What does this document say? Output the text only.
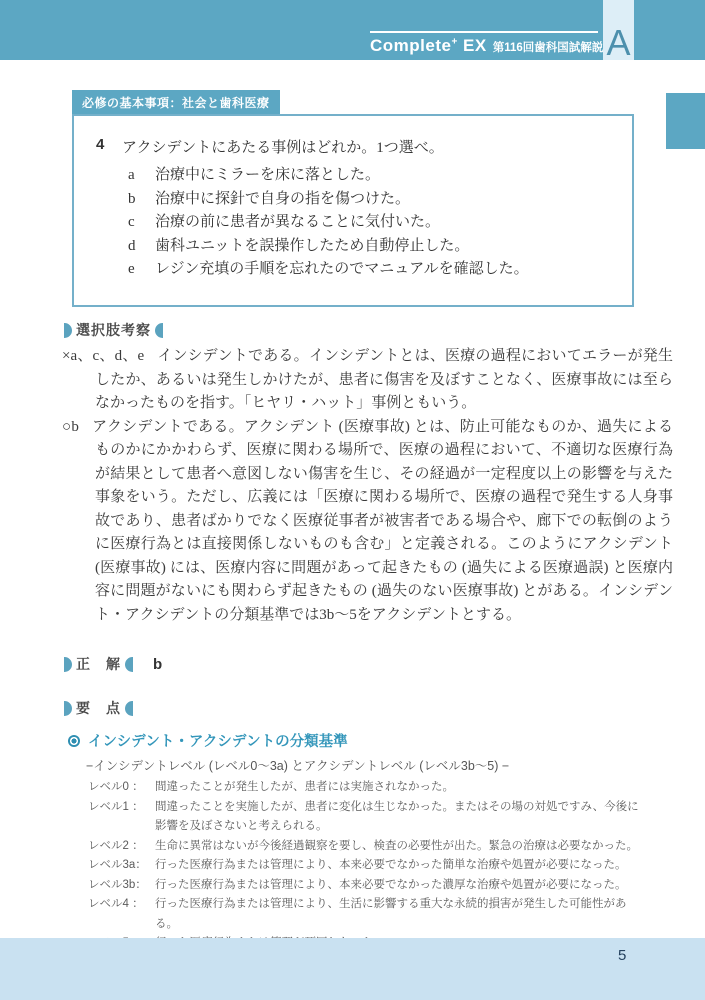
Complete+ EX 第116回歯科国試解説 A
必修の基本事項：社会と歯科医療
4	アクシデントにあたる事例はどれか。1つ選べ。
a	治療中にミラーを床に落とした。
b	治療中に探針で自身の指を傷つけた。
c	治療の前に患者が異なることに気付いた。
d	歯科ユニットを誤操作したため自動停止した。
e	レジン充填の手順を忘れたのでマニュアルを確認した。
選択肢考察

×a、c、d、e インシデントである。インシデントとは、医療の過程においてエラーが発生したか、あるいは発生しかけたが、患者に傷害を及ぼすことなく、医療事故には至らなかったものを指す。「ヒヤリ・ハット」事例ともいう。

○b アクシデントである。アクシデント (医療事故) とは、防止可能なものか、過失によるものかにかかわらず、医療に関わる場所で、医療の過程において、不適切な医療行為が結果として患者へ意図しない傷害を生じ、その経過が一定程度以上の影響を与えた事象をいう。ただし、広義には「医療に関わる場所で、医療の過程で発生する人身事故であり、患者ばかりでなく医療従事者が被害者である場合や、廊下での転倒のように医療行為とは直接関係しないものも含む」と定義される。このようにアクシデント (医療事故) には、医療内容に問題があって起きたもの (過失による医療過誤) と医療内容に問題がないにも関わらず起きたもの (過失のない医療事故) とがある。インシデント・アクシデントの分類基準では3b〜5をアクシデントとする。

正　解 b
要　点
インシデント・アクシデントの分類基準
−インシデントレベル (レベル0〜3a) とアクシデントレベル (レベル3b〜5) −
レベル0 ： 間違ったことが発生したが、患者には実施されなかった。
レベル1 ： 間違ったことを実施したが、患者に変化は生じなかった。またはその場の対処ですみ、今後に影響を及ぼさないと考えられる。
レベル2 ： 生命に異常はないが今後経過観察を要し、検査の必要性が出た。緊急の治療は必要なかった。
レベル3a： 行った医療行為または管理により、本来必要でなかった簡単な治療や処置が必要になった。
レベル3b： 行った医療行為または管理により、本来必要でなかった濃厚な治療や処置が必要になった。
レベル4 ： 行った医療行為または管理により、生活に影響する重大な永続的損害が発生した可能性がある。
5
